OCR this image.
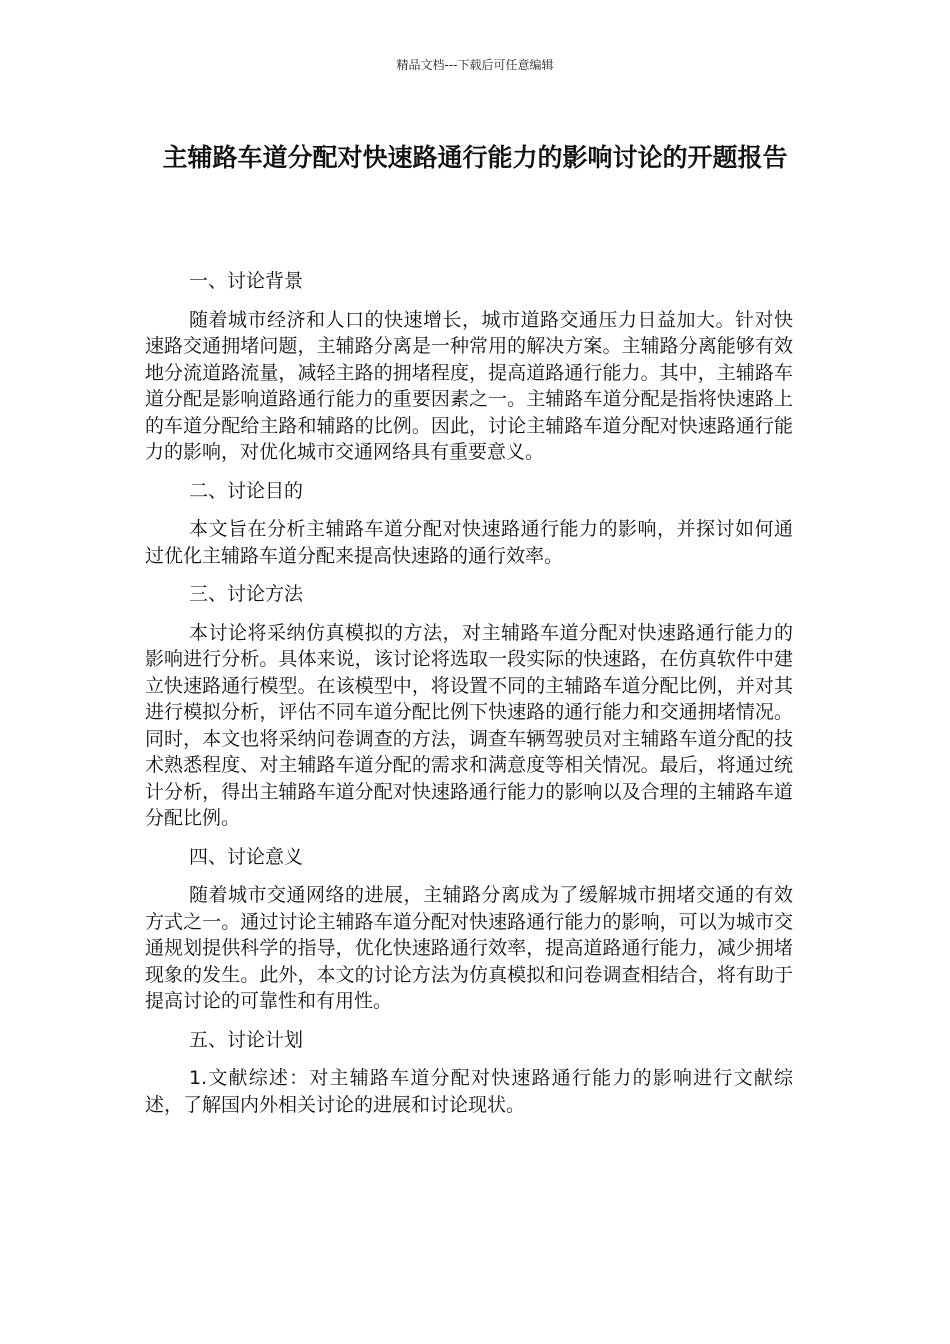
精品文档---下载后可任意编辑
主辅路车道分配对快速路通行能力的影响讨论的开题报告
一、讨论背景

随着城市经济和人口的快速增长，城市道路交通压力日益加大。针对快速路交通拥堵问题，主辅路分离是一种常用的解决方案。主辅路分离能够有效地分流道路流量，减轻主路的拥堵程度，提高道路通行能力。其中，主辅路车道分配是影响道路通行能力的重要因素之一。主辅路车道分配是指将快速路上的车道分配给主路和辅路的比例。因此，讨论主辅路车道分配对快速路通行能力的影响，对优化城市交通网络具有重要意义。

二、讨论目的

本文旨在分析主辅路车道分配对快速路通行能力的影响，并探讨如何通过优化主辅路车道分配来提高快速路的通行效率。

三、讨论方法

本讨论将采纳仿真模拟的方法，对主辅路车道分配对快速路通行能力的影响进行分析。具体来说，该讨论将选取一段实际的快速路，在仿真软件中建立快速路通行模型。在该模型中，将设置不同的主辅路车道分配比例，并对其进行模拟分析，评估不同车道分配比例下快速路的通行能力和交通拥堵情况。同时，本文也将采纳问卷调查的方法，调查车辆驾驶员对主辅路车道分配的技术熟悉程度、对主辅路车道分配的需求和满意度等相关情况。最后，将通过统计分析，得出主辅路车道分配对快速路通行能力的影响以及合理的主辅路车道分配比例。

四、讨论意义

随着城市交通网络的进展，主辅路分离成为了缓解城市拥堵交通的有效方式之一。通过讨论主辅路车道分配对快速路通行能力的影响，可以为城市交通规划提供科学的指导，优化快速路通行效率，提高道路通行能力，减少拥堵现象的发生。此外，本文的讨论方法为仿真模拟和问卷调查相结合，将有助于提高讨论的可靠性和有用性。

五、讨论计划

1.文献综述：对主辅路车道分配对快速路通行能力的影响进行文献综述，了解国内外相关讨论的进展和讨论现状。
